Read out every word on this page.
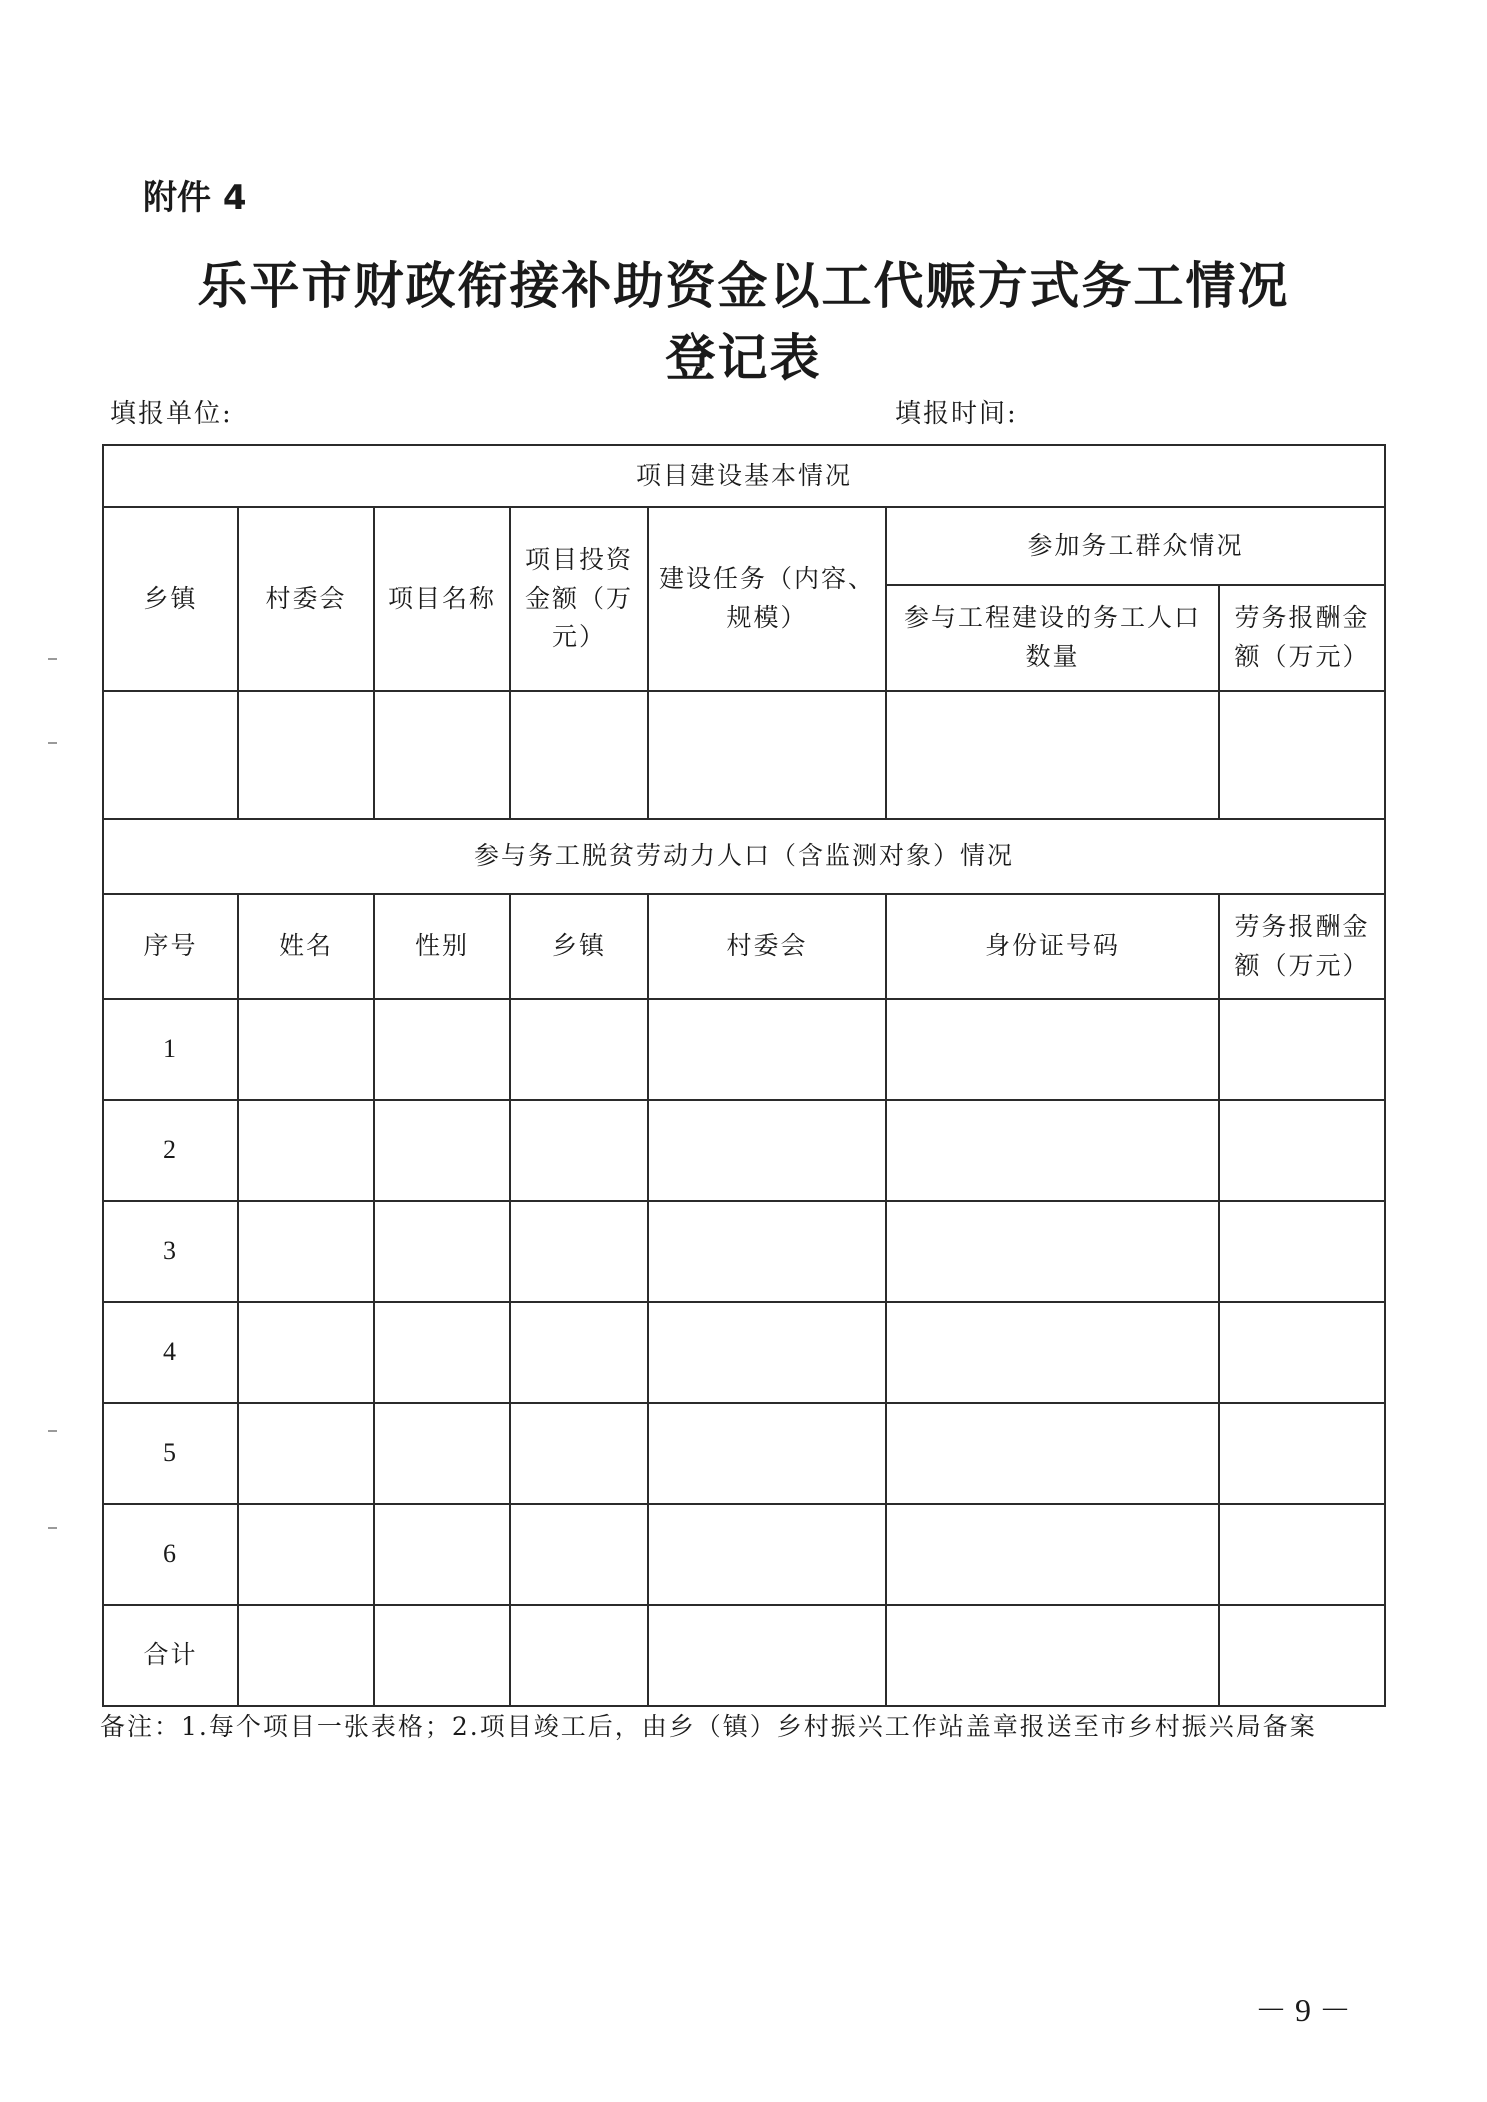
附件 4
乐平市财政衔接补助资金以工代赈方式务工情况
登记表
填报单位:	填报时间:
项目建设基本情况						
乡镇	村委会	项目名称	项目投资金额（万元）	建设任务（内容、规模）	参加务工群众情况	
					参与工程建设的务工人口数量	劳务报酬金额（万元）

参与务工脱贫劳动力人口（含监测对象）情况						
序号	姓名	性别	乡镇	村委会	身份证号码	劳务报酬金额（万元）
1						
2						
3						
4						
5						
6						
合计						
备注：1.每个项目一张表格；2.项目竣工后，由乡（镇）乡村振兴工作站盖章报送至市乡村振兴局备案
－ 9 －
